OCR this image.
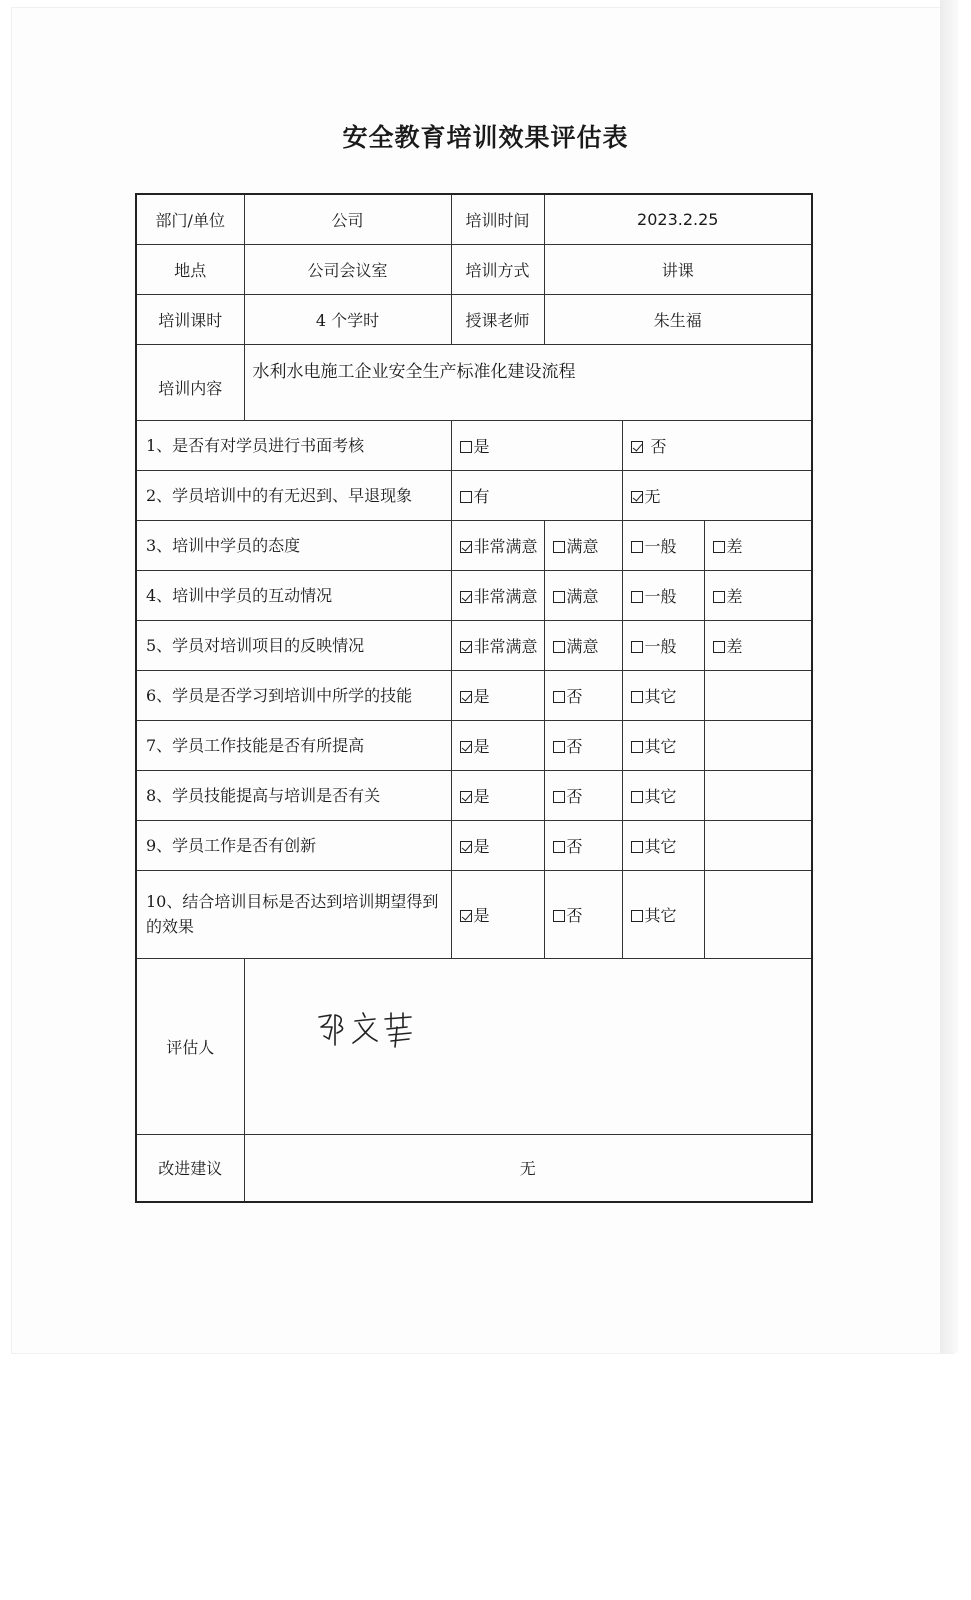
安全教育培训效果评估表
部门/单位	公司	培训时间	2023.2.25		
地点	公司会议室	培训方式	讲课		
培训课时	4 个学时	授课老师	朱生福		
培训内容	水利水电施工企业安全生产标准化建设流程				
1、是否有对学员进行书面考核		是		否	
2、学员培训中的有无迟到、早退现象		有		无	
3、培训中学员的态度		非常满意	满意	一般	差
4、培训中学员的互动情况		非常满意	满意	一般	差
5、学员对培训项目的反映情况		非常满意	满意	一般	差
6、学员是否学习到培训中所学的技能		是	否	其它	
7、学员工作技能是否有所提高		是	否	其它	
8、学员技能提高与培训是否有关		是	否	其它	
9、学员工作是否有创新		是	否	其它	
10、结合培训目标是否达到培训期望得到的效果		是	否	其它	
评估人					
改进建议	无				
